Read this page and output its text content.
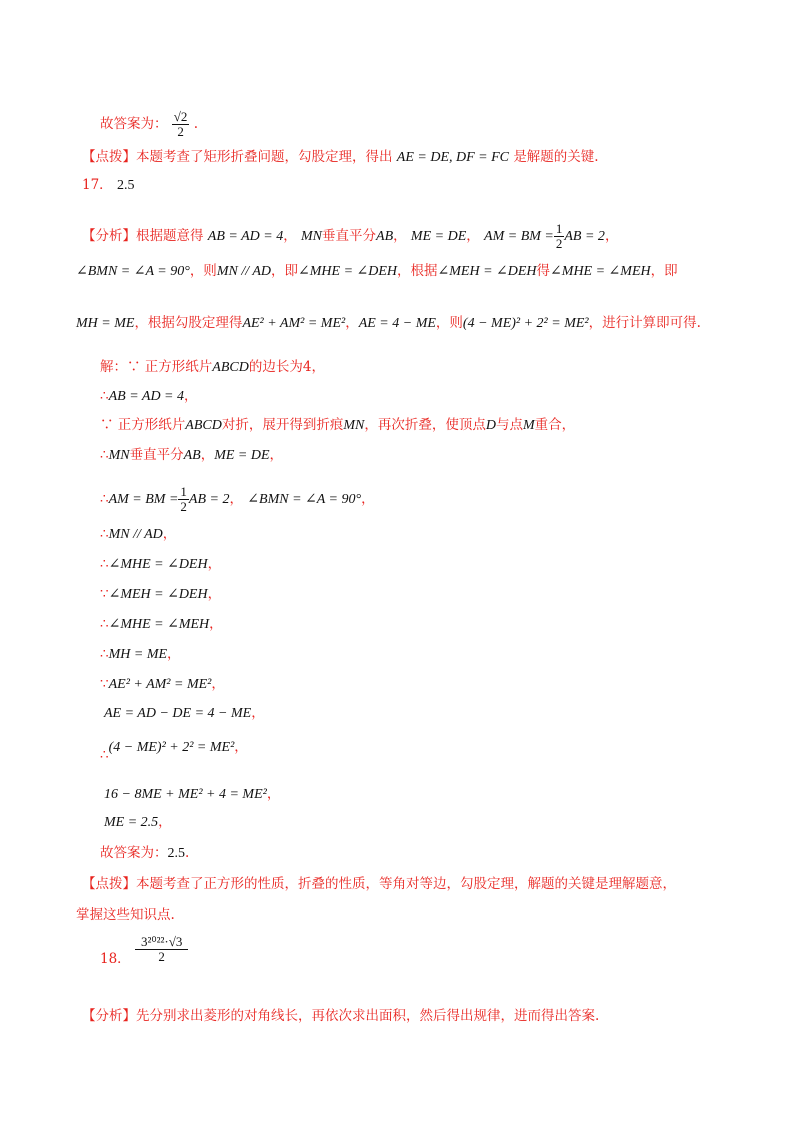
故答案为： $\frac{√2}{2}$ .
【点拨】本题考查了矩形折叠问题，勾股定理，得出 AE = DE, DF = FC 是解题的关键.
17． 2.5
【分析】根据题意得 AB = AD = 4， MN垂直平分AB， ME = DE， AM = BM = $\frac{1}{2}$ AB = 2，
∠BMN = ∠A = 90°，则MN // AD，即∠MHE = ∠DEH，根据∠MEH = ∠DEH得∠MHE = ∠MEH，即
MH = ME，根据勾股定理得AE² + AM² = ME²，AE = 4 − ME，则(4 − ME)² + 2² = ME²，进行计算即可得.
解：∵ 正方形纸片ABCD的边长为4，
∴AB = AD = 4，
∵ 正方形纸片ABCD对折，展开得到折痕MN，再次折叠，使顶点D与点M重合，
∴MN垂直平分AB，ME = DE，
∴AM = BM = $\frac{1}{2}$ AB = 2， ∠BMN = ∠A = 90°，
∴MN // AD，
∴∠MHE = ∠DEH，
∵∠MEH = ∠DEH，
∴∠MHE = ∠MEH，
∴MH = ME，
∵AE² + AM² = ME²，
AE = AD − DE = 4 − ME，
∴(4 − ME)² + 2² = ME²，
16 − 8ME + ME² + 4 = ME²，
ME = 2.5，
故答案为：2.5.
【点拨】本题考查了正方形的性质，折叠的性质，等角对等边，勾股定理，解题的关键是理解题意，
掌握这些知识点.
18． $\frac{\text{3²⁰²²·√3}}{2}$
【分析】先分别求出菱形的对角线长，再依次求出面积，然后得出规律，进而得出答案.
